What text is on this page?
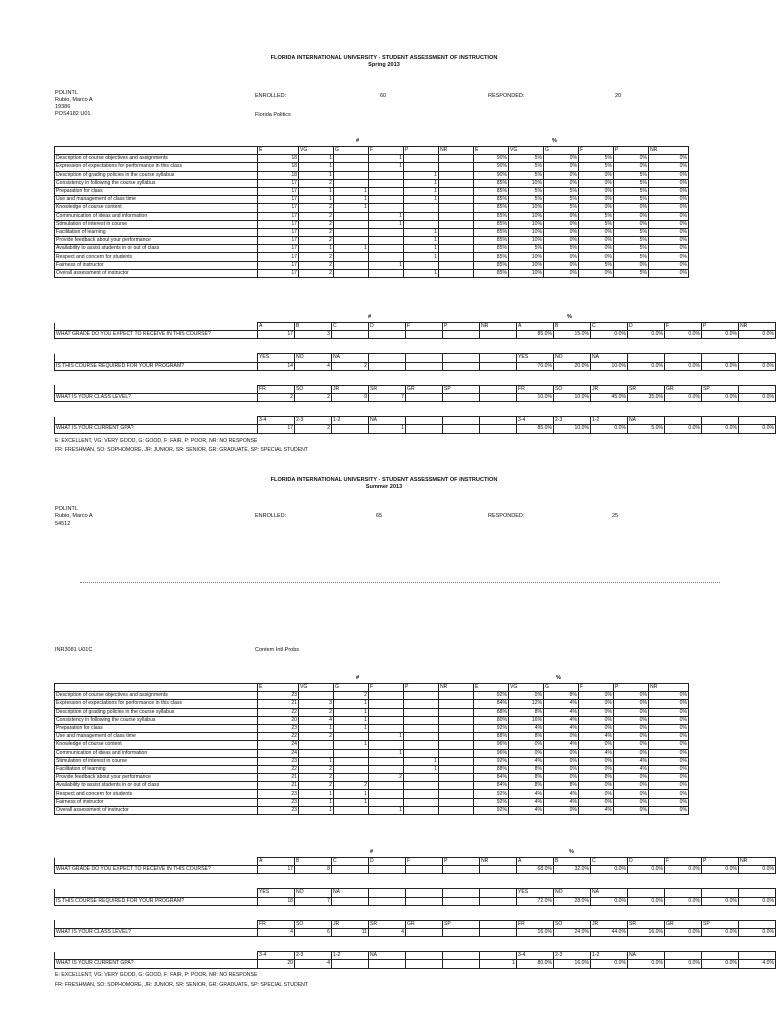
FLORIDA INTERNATIONAL UNIVERSITY - STUDENT ASSESSMENT OF INSTRUCTION
Spring 2013
POLINTL
Rubio, Marco A
19386
POS4182 U01
ENROLLED:	60	RESPONDED:	20
Florida Politics
#	%
	E	VG	G	F	P	NR	E	VG	G	F	P	NR
Description of course objectives and assignments	18	1		1			90%	5%	0%	5%	0%	0%
Expression of expectations for performance in this class	18	1		1			90%	5%	0%	5%	0%	0%
Description of grading policies in the course syllabus	18	1			1		90%	5%	0%	0%	5%	0%
Consistency in following the course syllabus	17	2			1		85%	10%	0%	0%	5%	0%
Preparation for class	17	1	1		1		85%	5%	5%	0%	5%	0%
Use and management of class time	17	1	1		1		85%	5%	5%	0%	5%	0%
Knowledge of course content	17	2	1				85%	10%	5%	0%	0%	0%
Communication of ideas and information	17	2		1			85%	10%	0%	5%	0%	0%
Stimulation of interest in course	17	2		1			85%	10%	0%	5%	0%	0%
Facilitation of learning	17	2			1		85%	10%	0%	0%	5%	0%
Provide feedback about your performance	17	2			1		85%	10%	0%	0%	5%	0%
Availability to assist students in or out of class	17	1	1		1		85%	5%	5%	0%	5%	0%
Respect and concern for students	17	2			1		85%	10%	0%	0%	5%	0%
Fairness of instructor	17	2		1			85%	10%	0%	5%	0%	0%
Overall assessment of instructor	17	2			1		85%	10%	0%	0%	5%	0%
#	%
	A	B	C	D	F	P	NR	A	B	C	D	F	P	NR
WHAT GRADE DO YOU EXPECT TO RECEIVE IN THIS COURSE?	17	3						85.0%	15.0%	0.0%	0.0%	0.0%	0.0%	0.0%

	YES	NO	NA					YES	NO	NA				
IS THIS COURSE REQUIRED FOR YOUR PROGRAM?	14	4	2					70.0%	20.0%	10.0%	0.0%	0.0%	0.0%	0.0%

	FR	SO	JR	SR	GR	SP		FR	SO	JR	SR	GR	SP	
WHAT IS YOUR CLASS LEVEL?	2	2	9	7				10.0%	10.0%	45.0%	35.0%	0.0%	0.0%	0.0%

	3-4	2-3	1-2	NA				3-4	2-3	1-2	NA			
WHAT IS YOUR CURRENT GPA?	17	2		1				85.0%	10.0%	0.0%	5.0%	0.0%	0.0%	0.0%
E: EXCELLENT, VG: VERY GOOD, G: GOOD, F: FAIR, P: POOR, NR: NO RESPONSE
FR: FRESHMAN, SO: SOPHOMORE, JR: JUNIOR, SR: SENIOR, GR: GRADUATE, SP: SPECIAL STUDENT
FLORIDA INTERNATIONAL UNIVERSITY - STUDENT ASSESSMENT OF INSTRUCTION
Summer 2013
POLINTL
Rubio, Marco A
54512
ENROLLED:	65	RESPONDED:	25
INR3081 U01C	Contem Intl Probs
#	%
	E	VG	G	F	P	NR	E	VG	G	F	P	NR
Description of course objectives and assignments	23		2				92%	0%	8%	0%	0%	0%
Expression of expectations for performance in this class	21	3	1				84%	12%	4%	0%	0%	0%
Description of grading policies in the course syllabus	22	2	1				88%	8%	4%	0%	0%	0%
Consistency in following the course syllabus	20	4	1				80%	16%	4%	0%	0%	0%
Preparation for class	23	1	1				92%	4%	4%	0%	0%	0%
Use and management of class time	22	2		1			88%	8%	0%	4%	0%	0%
Knowledge of course content	24		1				96%	0%	4%	0%	0%	0%
Communication of ideas and information	24			1			96%	0%	0%	4%	0%	0%
Stimulation of interest in course	23	1			1		92%	4%	0%	0%	4%	0%
Facilitation of learning	22	2			1		88%	8%	0%	0%	4%	0%
Provide feedback about your performance	21	2		2			84%	8%	0%	8%	0%	0%
Availability to assist students in or out of class	21	2	2				84%	8%	8%	0%	0%	0%
Respect and concern for students	23	1	1				92%	4%	4%	0%	0%	0%
Fairness of instructor	23	1	1				92%	4%	4%	0%	0%	0%
Overall assessment of instructor	23	1		1			92%	4%	0%	4%	0%	0%
#	%
	A	B	C	D	F	P	NR	A	B	C	D	F	P	NR
WHAT GRADE DO YOU EXPECT TO RECEIVE IN THIS COURSE?	17	8						68.0%	32.0%	0.0%	0.0%	0.0%	0.0%	0.0%

	YES	NO	NA					YES	NO	NA				
IS THIS COURSE REQUIRED FOR YOUR PROGRAM?	18	7						72.0%	28.0%	0.0%	0.0%	0.0%	0.0%	0.0%

	FR	SO	JR	SR	GR	SP		FR	SO	JR	SR	GR	SP	
WHAT IS YOUR CLASS LEVEL?	4	6	11	4				16.0%	24.0%	44.0%	16.0%	0.0%	0.0%	0.0%

	3-4	2-3	1-2	NA				3-4	2-3	1-2	NA			
WHAT IS YOUR CURRENT GPA?	20	4					1	80.0%	16.0%	0.0%	0.0%	0.0%	0.0%	4.0%
E: EXCELLENT, VG: VERY GOOD, G: GOOD, F: FAIR, P: POOR, NR: NO RESPONSE
FR: FRESHMAN, SO: SOPHOMORE, JR: JUNIOR, SR: SENIOR, GR: GRADUATE, SP: SPECIAL STUDENT
